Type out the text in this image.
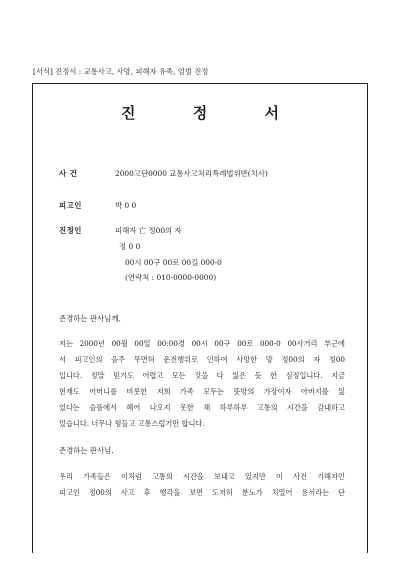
[서식] 진정서 : 교통사고, 사망, 피해자 유족, 엄벌 진정
진 정 서
사 건	2000고단0000 교통사고처리특례법위반(치사)
피고인	박 0 0
진정인	피해자 亡 정00의 자
정 0 0
00시 00구 00로 00길 000-0
(연락처 : 010-0000-0000)
존경하는 판사님께.
저는 2000년 00월 00일 00:00경 00시 00구 00로 000-0 00사거리 부근에
서 피고인의 음주 무면허 운전행위로 인하여 사망한 망 정00의 자 정00
입니다. 정말 믿기도 어렵고 모든 것을 다 잃은 듯 한 심정입니다. 지금
현재도 어머니를 비롯한 저희 가족 모두는 뜻밖의 가장이자 아버지를 잃
었다는 슬픔에서 헤어 나오지 못한 채 하루하루 고통의 시간을 감내하고
있습니다. 너무나 힘들고 고통스럽기만 합니다.
존경하는 판사님.
우리 가족들은 이처럼 고통의 시간을 보내고 있지만 이 사건 가해자인
피고인 정00의 사고 후 행각을 보면 도저히 분노가 치밀어 용서라는 단
